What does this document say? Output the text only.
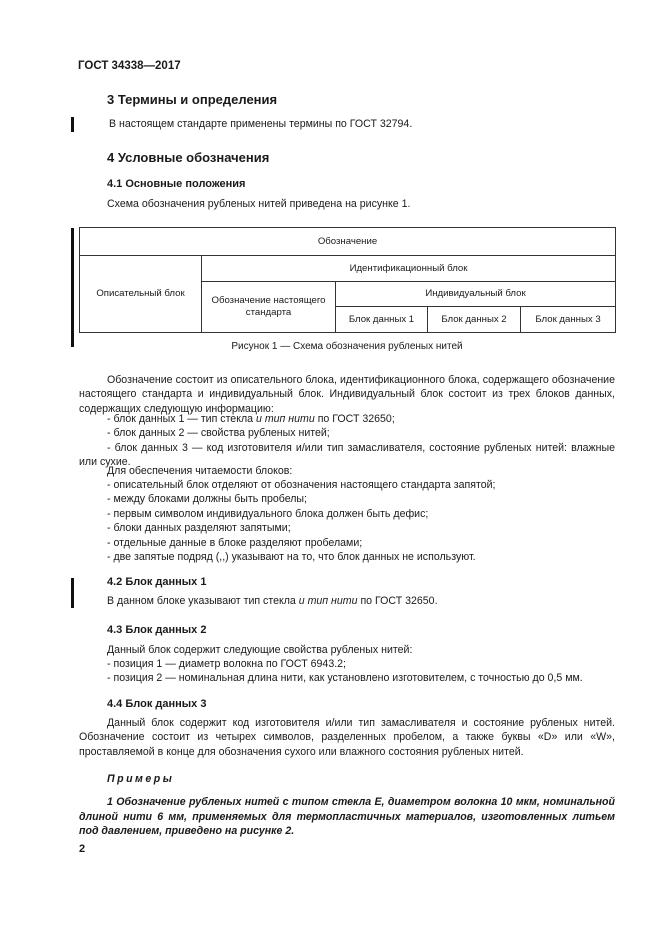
ГОСТ 34338—2017
3 Термины и определения
В настоящем стандарте применены термины по ГОСТ 32794.
4 Условные обозначения
4.1 Основные положения
Схема обозначения рубленых нитей приведена на рисунке 1.
Обозначение				
Описательный блок	Идентификационный блок			
	Обозначение настоящего стандарта	Индивидуальный блок		
		Блок данных 1	Блок данных 2	Блок данных 3
Рисунок 1 — Схема обозначения рубленых нитей
Обозначение состоит из описательного блока, идентификационного блока, содержащего обозначение настоящего стандарта и индивидуальный блок. Индивидуальный блок состоит из трех блоков данных, содержащих следующую информацию:
- блок данных 1 — тип стекла и тип нити по ГОСТ 32650;
- блок данных 2 — свойства рубленых нитей;
- блок данных 3 — код изготовителя и/или тип замасливателя, состояние рубленых нитей: влажные или сухие.
Для обеспечения читаемости блоков:
- описательный блок отделяют от обозначения настоящего стандарта запятой;
- между блоками должны быть пробелы;
- первым символом индивидуального блока должен быть дефис;
- блоки данных разделяют запятыми;
- отдельные данные в блоке разделяют пробелами;
- две запятые подряд (,,) указывают на то, что блок данных не используют.
4.2 Блок данных 1
В данном блоке указывают тип стекла и тип нити по ГОСТ 32650.
4.3 Блок данных 2
Данный блок содержит следующие свойства рубленых нитей:
- позиция 1 — диаметр волокна по ГОСТ 6943.2;
- позиция 2 — номинальная длина нити, как установлено изготовителем, с точностью до 0,5 мм.
4.4 Блок данных 3
Данный блок содержит код изготовителя и/или тип замасливателя и состояние рубленых нитей. Обозначение состоит из четырех символов, разделенных пробелом, а также буквы «D» или «W», проставляемой в конце для обозначения сухого или влажного состояния рубленых нитей.
Примеры
1 Обозначение рубленых нитей с типом стекла Е, диаметром волокна 10 мкм, номинальной длиной нити 6 мм, применяемых для термопластичных материалов, изготовленных литьем под давлением, приведено на рисунке 2.
2
